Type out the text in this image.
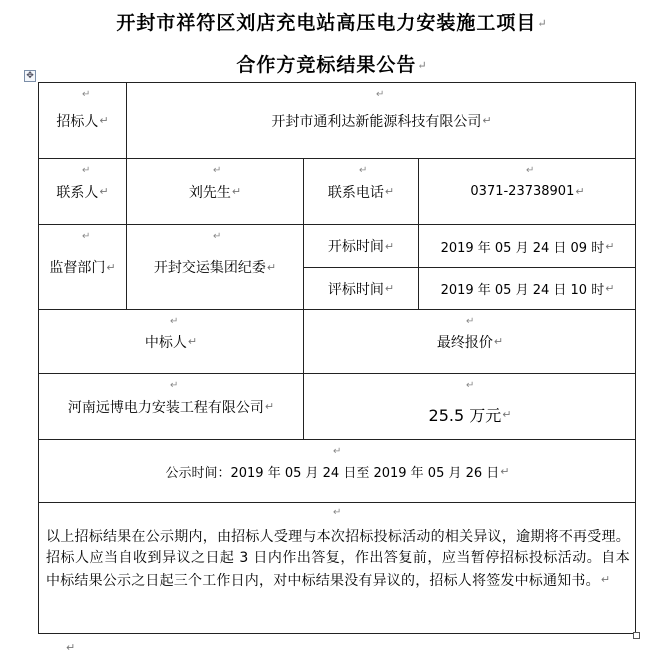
开封市祥符区刘店充电站高压电力安装施工项目↵
合作方竞标结果公告↵
✥
招标人 ↵
↵
开封市通利达新能源科技有限公司 ↵
↵
联系人 ↵
↵
刘先生 ↵
↵
联系电话 ↵
↵
0371-23738901 ↵
↵
监督部门 ↵
↵
开封交运集团纪委 ↵
↵
开标时间 ↵	2019 年 05 月 24 日 09 时 ↵
评标时间 ↵	2019 年 05 月 24 日 10 时 ↵
中标人 ↵
↵
最终报价 ↵
↵
河南远博电力安装工程有限公司 ↵
↵
25.5 万元 ↵
↵
公示时间：2019 年 05 月 24 日至 2019 年 05 月 26 日 ↵
↵
↵
以上招标结果在公示期内，由招标人受理与本次招标投标活动的相关异议，逾期将不再受理。招标人应当自收到异议之日起 3 日内作出答复，作出答复前，应当暂停招标投标活动。自本中标结果公示之日起三个工作日内，对中标结果没有异议的，招标人将签发中标通知书。↵
↵
